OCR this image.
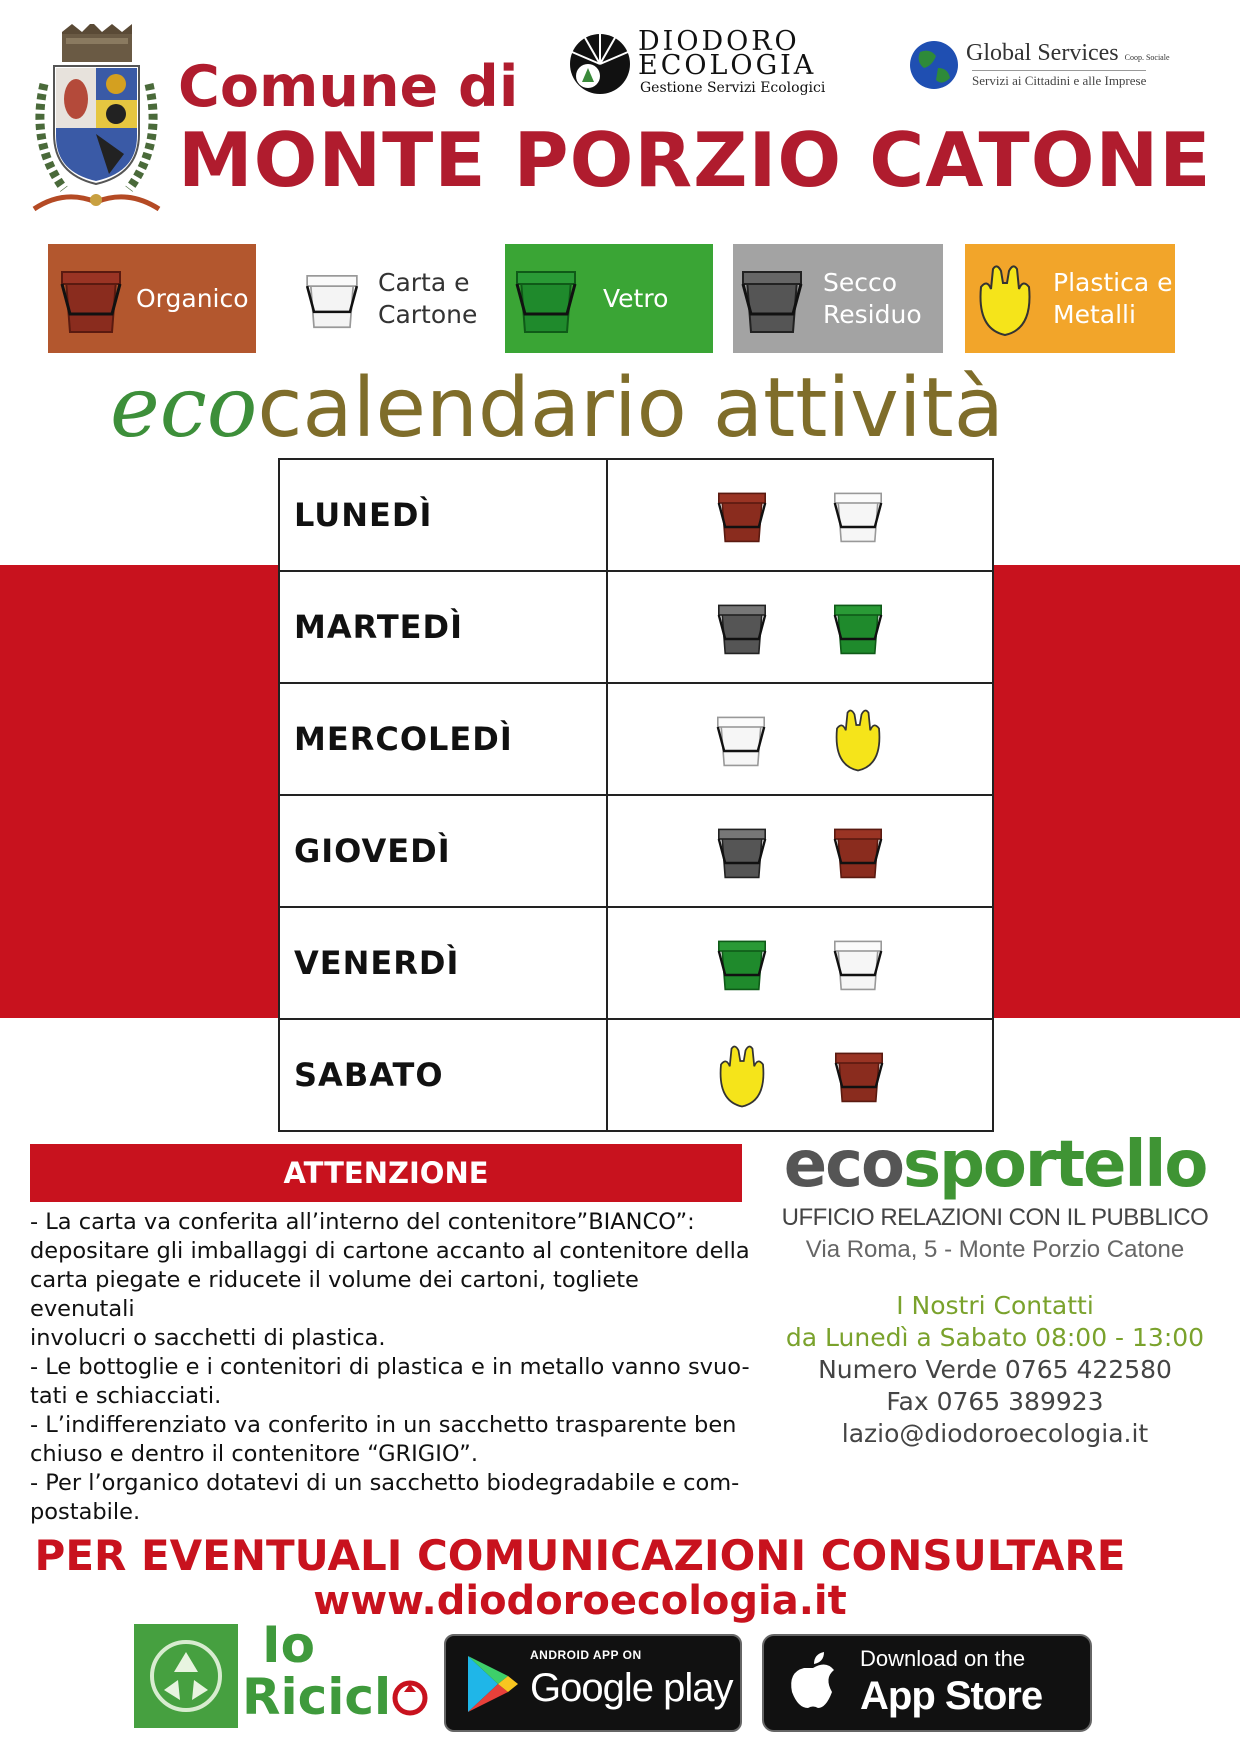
Comune di
MONTE PORZIO CATONE
DIODORO
ECOLOGIA
Gestione Servizi Ecologici
Global Services Coop. Sociale
Servizi ai Cittadini e alle Imprese
Organico
Carta e
Cartone
Vetro
Secco
Residuo
Plastica e
Metalli
ecocalendario attività
LUNEDÌ	

MARTEDÌ	

MERCOLEDÌ	

GIOVEDÌ	

VENERDÌ	

SABATO	
ATTENZIONE

- La carta va conferita all’interno del contenitore”BIANCO”:

depositare gli imballaggi di cartone accanto al contenitore della

carta piegate e riducete il volume dei cartoni, togliete evenutali

involucri o sacchetti di plastica.

- Le bottoglie e i contenitori di plastica e in metallo vanno svuo-

tati e schiacciati.

- L’indifferenziato va conferito in un sacchetto trasparente ben

chiuso e dentro il contenitore “GRIGIO”.

- Per l’organico dotatevi di un sacchetto biodegradabile e com-

postabile.

ecosportello
UFFICIO RELAZIONI CON IL PUBBLICO
Via Roma, 5 - Monte Porzio Catone
I Nostri Contatti
da Lunedì a Sabato 08:00 - 13:00
Numero Verde 0765 422580
Fax 0765 389923
lazio@diodoroecologia.it
PER EVENTUALI COMUNICAZIONI CONSULTARE
www.diodoroecologia.it
Io
Ricicl
ANDROID APP ON
Google play
Download on the
App Store
